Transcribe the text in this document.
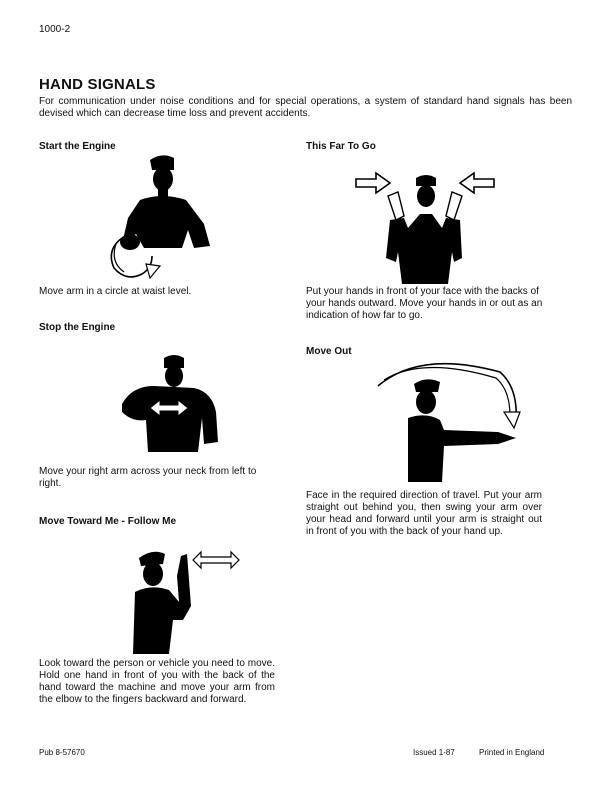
1000-2
HAND SIGNALS
For communication under noise conditions and for special operations, a system of standard hand signals has been devised which can decrease time loss and prevent accidents.
Start the Engine
Move arm in a circle at waist level.
Stop the Engine
Move your right arm across your neck from left to right.
Move Toward Me - Follow Me
Look toward the person or vehicle you need to move. Hold one hand in front of you with the back of the hand toward the machine and move your arm from the elbow to the fingers backward and forward.
This Far To Go
Put your hands in front of your face with the backs of your hands outward. Move your hands in or out as an indication of how far to go.
Move Out
Face in the required direction of travel. Put your arm straight out behind you, then swing your arm over your head and forward until your arm is straight out in front of you with the back of your hand up.
Pub 8-57670	Issued 1-87	Printed in England
